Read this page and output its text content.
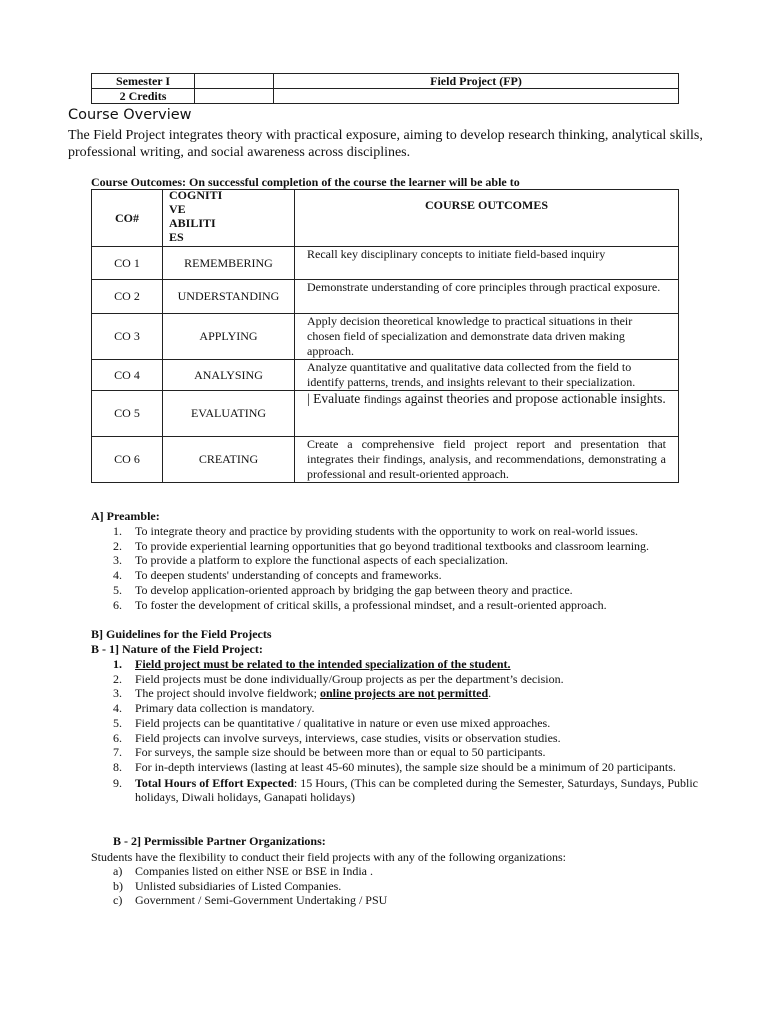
Semester I		Field Project (FP)
2 Credits		
Course Overview
The Field Project integrates theory with practical exposure, aiming to develop research thinking, analytical skills, professional writing, and social awareness across disciplines.
Course Outcomes: On successful completion of the course the learner will be able to
CO#	COGNITI
VE
ABILITI
ES	COURSE OUTCOMES
CO 1	REMEMBERING	Recall key disciplinary concepts to initiate field-based inquiry
CO 2	UNDERSTANDING	Demonstrate understanding of core principles through practical exposure.
CO 3	APPLYING	Apply decision theoretical knowledge to practical situations in their chosen field of specialization and demonstrate data driven making approach.
CO 4	ANALYSING	Analyze quantitative and qualitative data collected from the field to identify patterns, trends, and insights relevant to their specialization.
CO 5	EVALUATING	| Evaluate findings against theories and propose actionable insights.
CO 6	CREATING	Create a comprehensive field project report and presentation that integrates their findings, analysis, and recommendations, demonstrating a professional and result-oriented approach.
A] Preamble:
1. To integrate theory and practice by providing students with the opportunity to work on real-world issues.
2. To provide experiential learning opportunities that go beyond traditional textbooks and classroom learning.
3. To provide a platform to explore the functional aspects of each specialization.
4. To deepen students' understanding of concepts and frameworks.
5. To develop application-oriented approach by bridging the gap between theory and practice.
6. To foster the development of critical skills, a professional mindset, and a result-oriented approach.
B] Guidelines for the Field Projects
B - 1] Nature of the Field Project:
1. Field project must be related to the intended specialization of the student.
2. Field projects must be done individually/Group projects as per the department’s decision.
3. The project should involve fieldwork; online projects are not permitted.
4. Primary data collection is mandatory.
5. Field projects can be quantitative / qualitative in nature or even use mixed approaches.
6. Field projects can involve surveys, interviews, case studies, visits or observation studies.
7. For surveys, the sample size should be between more than or equal to 50 participants.
8. For in-depth interviews (lasting at least 45-60 minutes), the sample size should be a minimum of 20 participants.
9. Total Hours of Effort Expected: 15 Hours, (This can be completed during the Semester, Saturdays, Sundays, Public holidays, Diwali holidays, Ganapati holidays)
B - 2] Permissible Partner Organizations:
Students have the flexibility to conduct their field projects with any of the following organizations:
a) Companies listed on either NSE or BSE in India .
b) Unlisted subsidiaries of Listed Companies.
c) Government / Semi-Government Undertaking / PSU
